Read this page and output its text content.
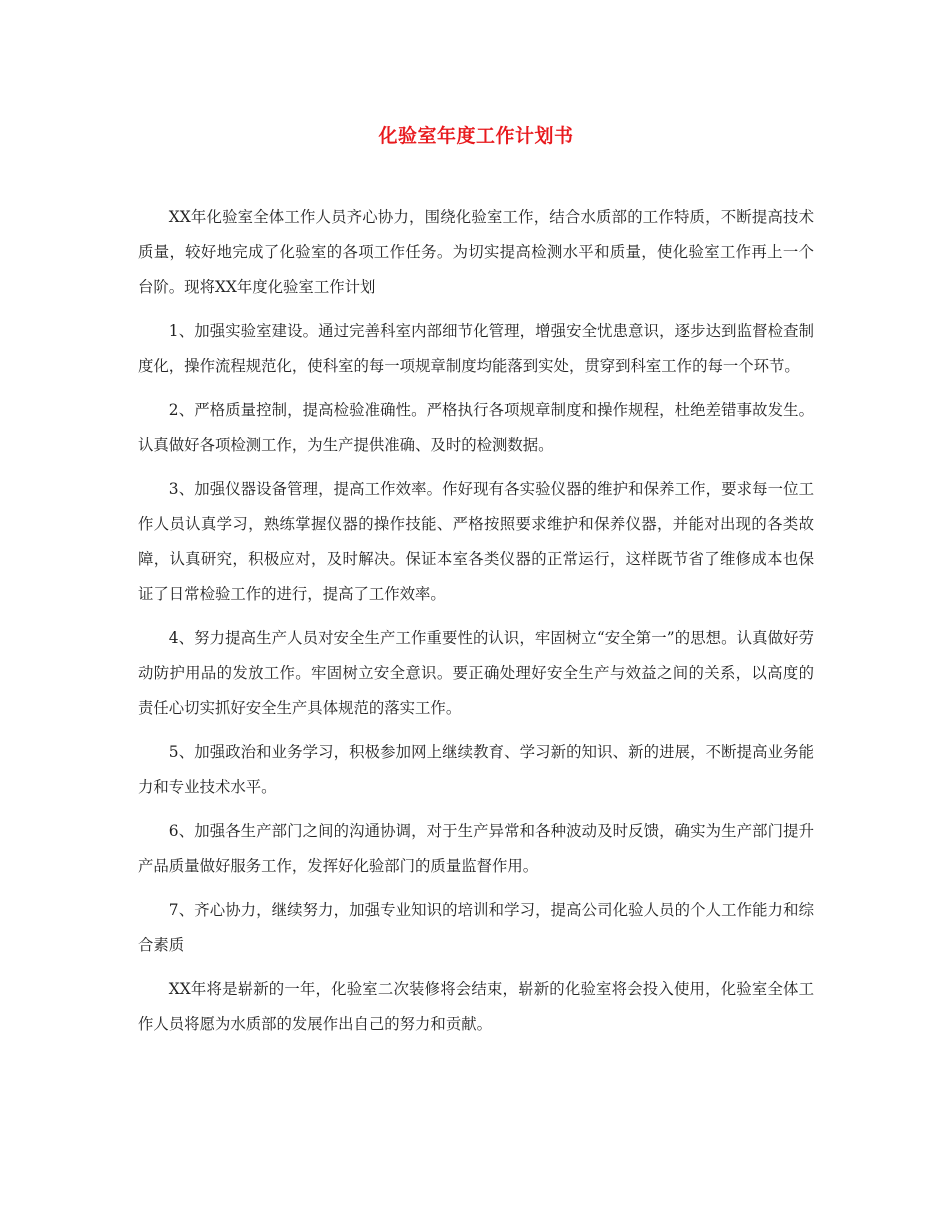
化验室年度工作计划书

XX年化验室全体工作人员齐心协力，围绕化验室工作，结合水质部的工作特质，不断提高技术质量，较好地完成了化验室的各项工作任务。为切实提高检测水平和质量，使化验室工作再上一个台阶。现将XX年度化验室工作计划

1、加强实验室建设。通过完善科室内部细节化管理，增强安全忧患意识，逐步达到监督检查制度化，操作流程规范化，使科室的每一项规章制度均能落到实处，贯穿到科室工作的每一个环节。

2、严格质量控制，提高检验准确性。严格执行各项规章制度和操作规程，杜绝差错事故发生。认真做好各项检测工作，为生产提供准确、及时的检测数据。

3、加强仪器设备管理，提高工作效率。作好现有各实验仪器的维护和保养工作，要求每一位工作人员认真学习，熟练掌握仪器的操作技能、严格按照要求维护和保养仪器，并能对出现的各类故障，认真研究，积极应对，及时解决。保证本室各类仪器的正常运行，这样既节省了维修成本也保证了日常检验工作的进行，提高了工作效率。

4、努力提高生产人员对安全生产工作重要性的认识，牢固树立“安全第一”的思想。认真做好劳动防护用品的发放工作。牢固树立安全意识。要正确处理好安全生产与效益之间的关系，以高度的责任心切实抓好安全生产具体规范的落实工作。

5、加强政治和业务学习，积极参加网上继续教育、学习新的知识、新的进展，不断提高业务能力和专业技术水平。

6、加强各生产部门之间的沟通协调，对于生产异常和各种波动及时反馈，确实为生产部门提升产品质量做好服务工作，发挥好化验部门的质量监督作用。

7、齐心协力，继续努力，加强专业知识的培训和学习，提高公司化验人员的个人工作能力和综合素质

XX年将是崭新的一年，化验室二次装修将会结束，崭新的化验室将会投入使用，化验室全体工作人员将愿为水质部的发展作出自己的努力和贡献。
